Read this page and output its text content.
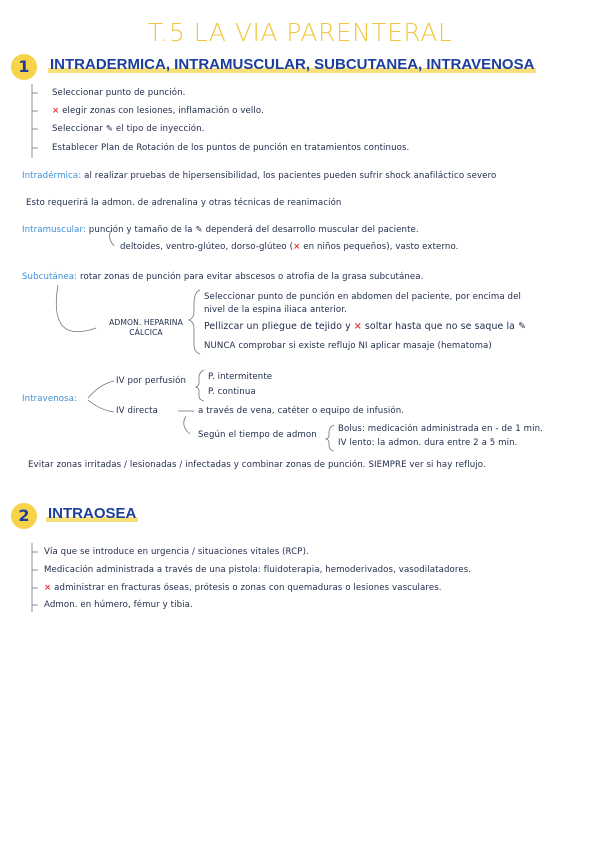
T.5 LA VIA PARENTERAL
1	INTRADERMICA, INTRAMUSCULAR, SUBCUTANEA, INTRAVENOSA
Seleccionar punto de punción.
× elegir zonas con lesiones, inflamación o vello.
Seleccionar ✎ el tipo de inyección.
Establecer Plan de Rotación de los puntos de punción en tratamientos continuos.
Intradérmica: al realizar pruebas de hipersensibilidad, los pacientes pueden sufrir shock anafiláctico severo
Esto requerirá la admon. de adrenalina y otras técnicas de reanimación
Intramuscular: punción y tamaño de la ✎ dependerá del desarrollo muscular del paciente.
deltoides, ventro-glúteo, dorso-glúteo (× en niños pequeños), vasto externo.
Subcutánea: rotar zonas de punción para evitar abscesos o atrofia de la grasa subcutánea.
ADMON. HEPARINA CÁLCICA
Seleccionar punto de punción en abdomen del paciente, por encima del
nivel de la espina iliaca anterior.
Pellizcar un pliegue de tejido y × soltar hasta que no se saque la ✎
NUNCA comprobar si existe reflujo NI aplicar masaje (hematoma)
Intravenosa:
IV por perfusión	P. intermitente
P. continua
IV directa	a través de vena, catéter o equipo de infusión.
Según el tiempo de admon
Bolus: medicación administrada en - de 1 min.
IV lento: la admon. dura entre 2 a 5 min.
Evitar zonas irritadas / lesionadas / infectadas y combinar zonas de punción. SIEMPRE ver si hay reflujo.
2	INTRAOSEA
Vía que se introduce en urgencia / situaciones vitales (RCP).
Medicación administrada a través de una pistola: fluidoterapia, hemoderivados, vasodilatadores.
× administrar en fracturas óseas, prótesis o zonas con quemaduras o lesiones vasculares.
Admon. en húmero, fémur y tibia.
